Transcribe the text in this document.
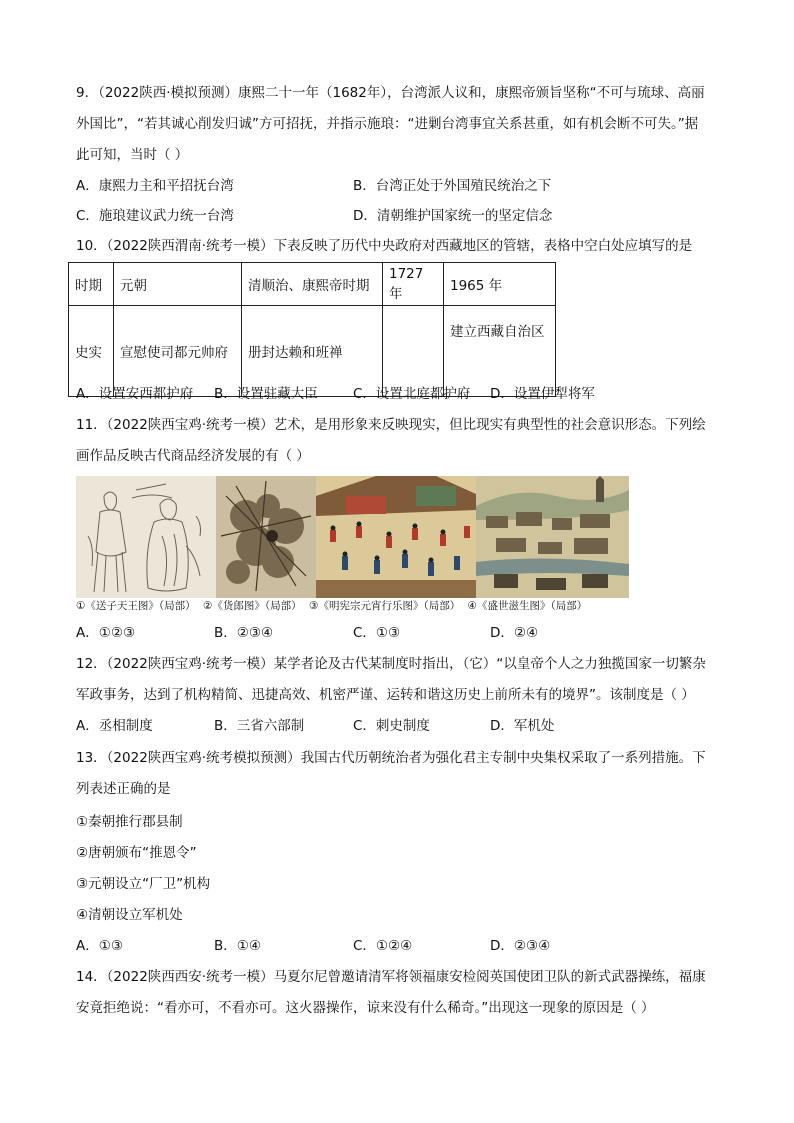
9．（2022陕西·模拟预测）康熙二十一年（1682年），台湾派人议和，康熙帝颁旨坚称“不可与琉球、高丽
外国比”，“若其诚心削发归诚”方可招抚，并指示施琅：“进剿台湾事宜关系甚重，如有机会断不可失。”据
此可知，当时（ ）
A．康熙力主和平招抚台湾	B．台湾正处于外国殖民统治之下
C．施琅建议武力统一台湾	D．清朝维护国家统一的坚定信念
10．（2022陕西渭南·统考一模）下表反映了历代中央政府对西藏地区的管辖，表格中空白处应填写的是
时期	元朝	清顺治、康熙帝时期	1727 年	1965 年
史实	宣慰使司都元帅府	册封达赖和班禅		建立西藏自治区
A．设置安西都护府 B．设置驻藏大臣	C．设置北庭都护府 D．设置伊犁将军
11．（2022陕西宝鸡·统考一模）艺术，是用形象来反映现实，但比现实有典型性的社会意识形态。下列绘
画作品反映古代商品经济发展的有（ ）
①《送子天王图》（局部） ②《货郎图》（局部） ③《明宪宗元宵行乐图》（局部） ④《盛世滋生图》（局部）
A．①②③	B．②③④	C．①③	D．②④
12．（2022陕西宝鸡·统考一模）某学者论及古代某制度时指出，（它）“以皇帝个人之力独揽国家一切繁杂
军政事务，达到了机构精简、迅捷高效、机密严谨、运转和谐这历史上前所未有的境界”。该制度是（ ）
A．丞相制度	B．三省六部制	C．刺史制度	D．军机处
13．（2022陕西宝鸡·统考模拟预测）我国古代历朝统治者为强化君主专制中央集权采取了一系列措施。下
列表述正确的是
①秦朝推行郡县制
②唐朝颁布“推恩令”
③元朝设立“厂卫”机构
④清朝设立军机处
A．①③	B．①④	C．①②④	D．②③④
14．（2022陕西西安·统考一模）马夏尔尼曾邀请清军将领福康安检阅英国使团卫队的新式武器操练，福康
安竟拒绝说：“看亦可，不看亦可。这火器操作，谅来没有什么稀奇。”出现这一现象的原因是（ ）
